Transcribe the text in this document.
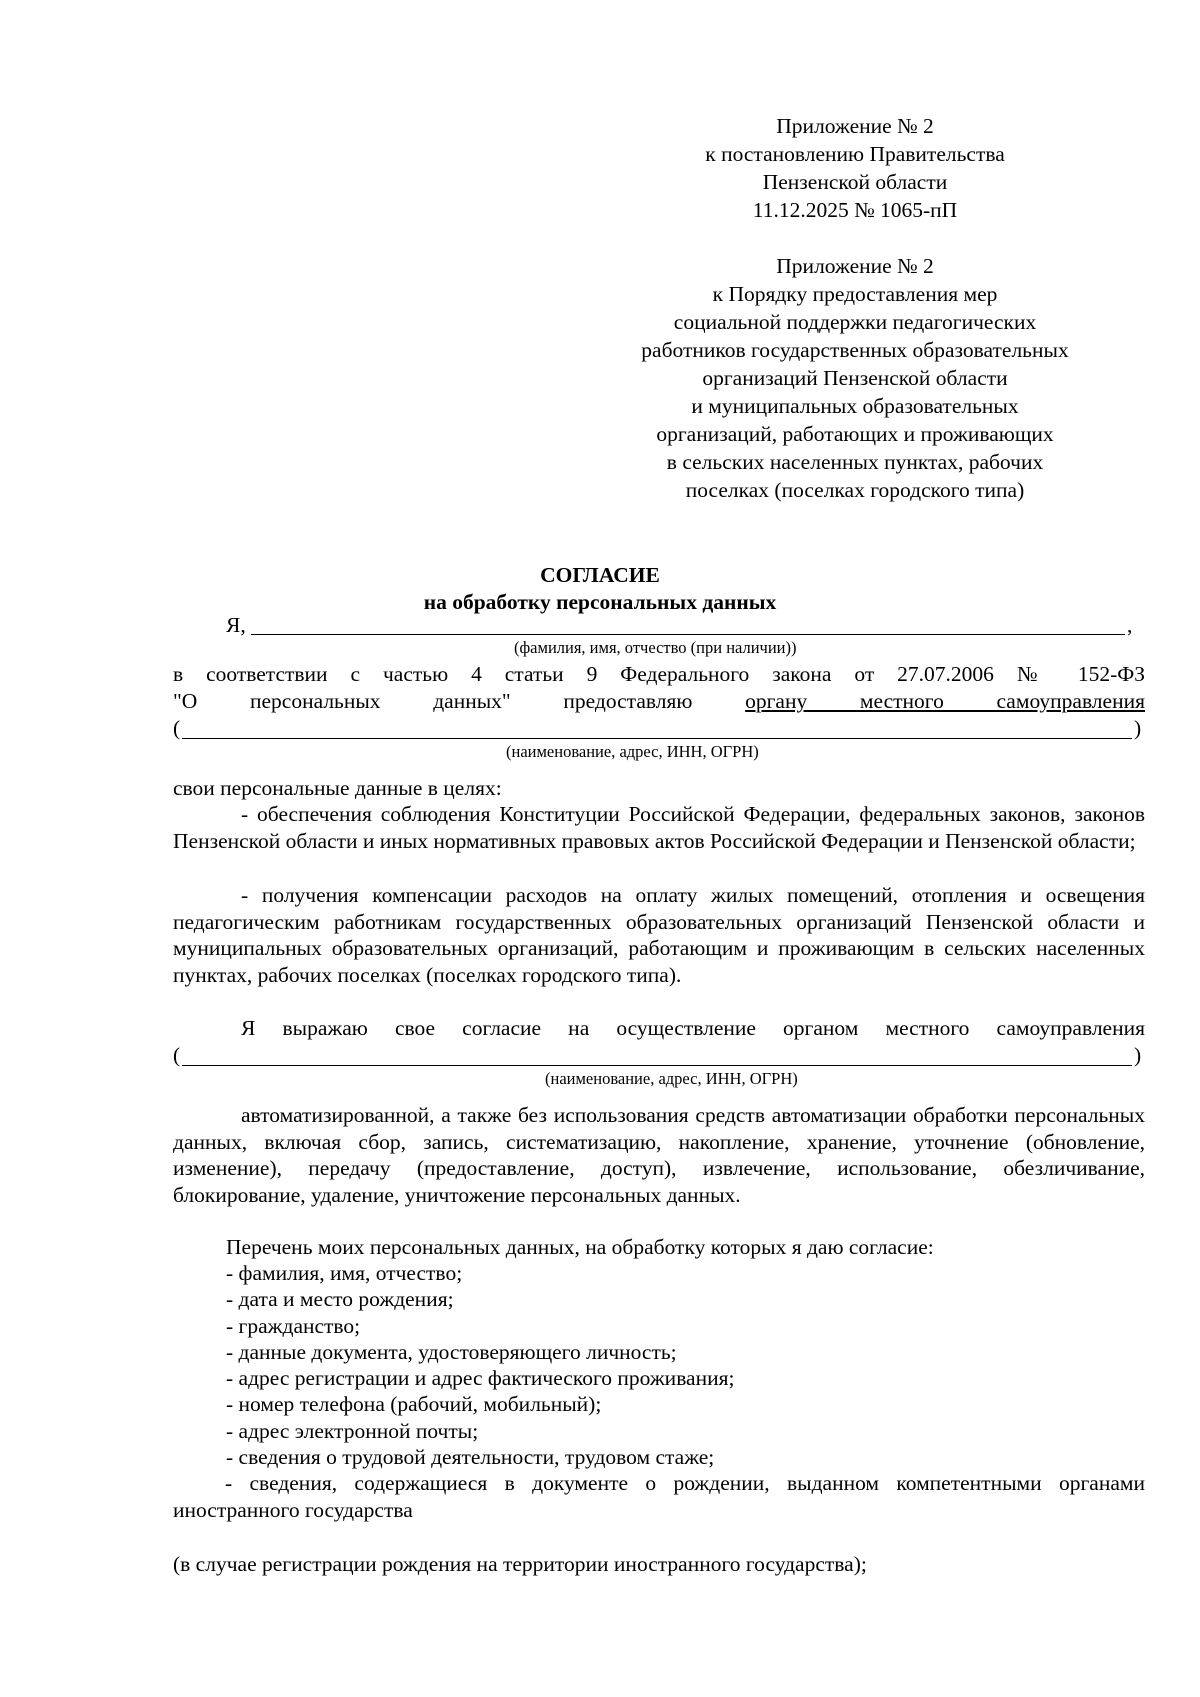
Приложение № 2
к постановлению Правительства
Пензенской области
11.12.2025 № 1065-пП
Приложение № 2
к Порядку предоставления мер
социальной поддержки педагогических
работников государственных образовательных
организаций Пензенской области
и муниципальных образовательных
организаций, работающих и проживающих
в сельских населенных пунктах, рабочих
поселках (поселках городского типа)
СОГЛАСИЕ
на обработку персональных данных
Я,	,
(фамилия, имя, отчество (при наличии))
в соответствии с частью 4 статьи 9 Федерального закона от 27.07.2006 № 152-ФЗ
"О персональных данных" предоставляю органу местного самоуправления
(	)
(наименование, адрес, ИНН, ОГРН)
свои персональные данные в целях:
- обеспечения соблюдения Конституции Российской Федерации, федеральных законов, законов Пензенской области и иных нормативных правовых актов Российской Федерации и Пензенской области;
- получения компенсации расходов на оплату жилых помещений, отопления и освещения педагогическим работникам государственных образовательных организаций Пензенской области и муниципальных образовательных организаций, работающим и проживающим в сельских населенных пунктах, рабочих поселках (поселках городского типа).
Я выражаю свое согласие на осуществление органом местного самоуправления
(	)
(наименование, адрес, ИНН, ОГРН)
автоматизированной, а также без использования средств автоматизации обработки персональных данных, включая сбор, запись, систематизацию, накопление, хранение, уточнение (обновление, изменение), передачу (предоставление, доступ), извлечение, использование, обезличивание, блокирование, удаление, уничтожение персональных данных.
Перечень моих персональных данных, на обработку которых я даю согласие:
- фамилия, имя, отчество;
- дата и место рождения;
- гражданство;
- данные документа, удостоверяющего личность;
- адрес регистрации и адрес фактического проживания;
- номер телефона (рабочий, мобильный);
- адрес электронной почты;
- сведения о трудовой деятельности, трудовом стаже;
- сведения, содержащиеся в документе о рождении, выданном компетентными органами иностранного государства
(в случае регистрации рождения на территории иностранного государства);
